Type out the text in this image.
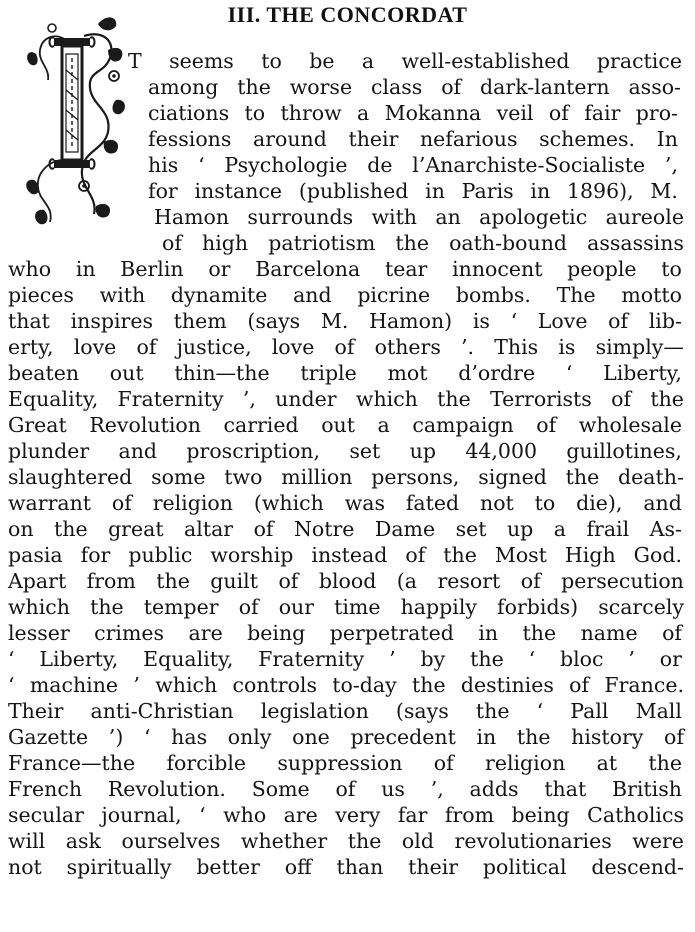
III. THE CONCORDAT
T seems to be a well-established practice
among the worse class of dark-lantern asso-
ciations to throw a Mokanna veil of fair pro-
fessions around their nefarious schemes. In
his ‘ Psychologie de l’Anarchiste-Socialiste ’,
for instance (published in Paris in 1896), M.
Hamon surrounds with an apologetic aureole
of high patriotism the oath-bound assassins
who in Berlin or Barcelona tear innocent people to
pieces with dynamite and picrine bombs. The motto
that inspires them (says M. Hamon) is ‘ Love of lib-
erty, love of justice, love of others ’. This is simply—
beaten out thin—the triple mot d’ordre ‘ Liberty,
Equality, Fraternity ’, under which the Terrorists of the
Great Revolution carried out a campaign of wholesale
plunder and proscription, set up 44,000 guillotines,
slaughtered some two million persons, signed the death-
warrant of religion (which was fated not to die), and
on the great altar of Notre Dame set up a frail As-
pasia for public worship instead of the Most High God.
Apart from the guilt of blood (a resort of persecution
which the temper of our time happily forbids) scarcely
lesser crimes are being perpetrated in the name of
‘ Liberty, Equality, Fraternity ’ by the ‘ bloc ’ or
‘ machine ’ which controls to-day the destinies of France.
Their anti-Christian legislation (says the ‘ Pall Mall
Gazette ’) ‘ has only one precedent in the history of
France—the forcible suppression of religion at the
French Revolution. Some of us ’, adds that British
secular journal, ‘ who are very far from being Catholics
will ask ourselves whether the old revolutionaries were
not spiritually better off than their political descend-
